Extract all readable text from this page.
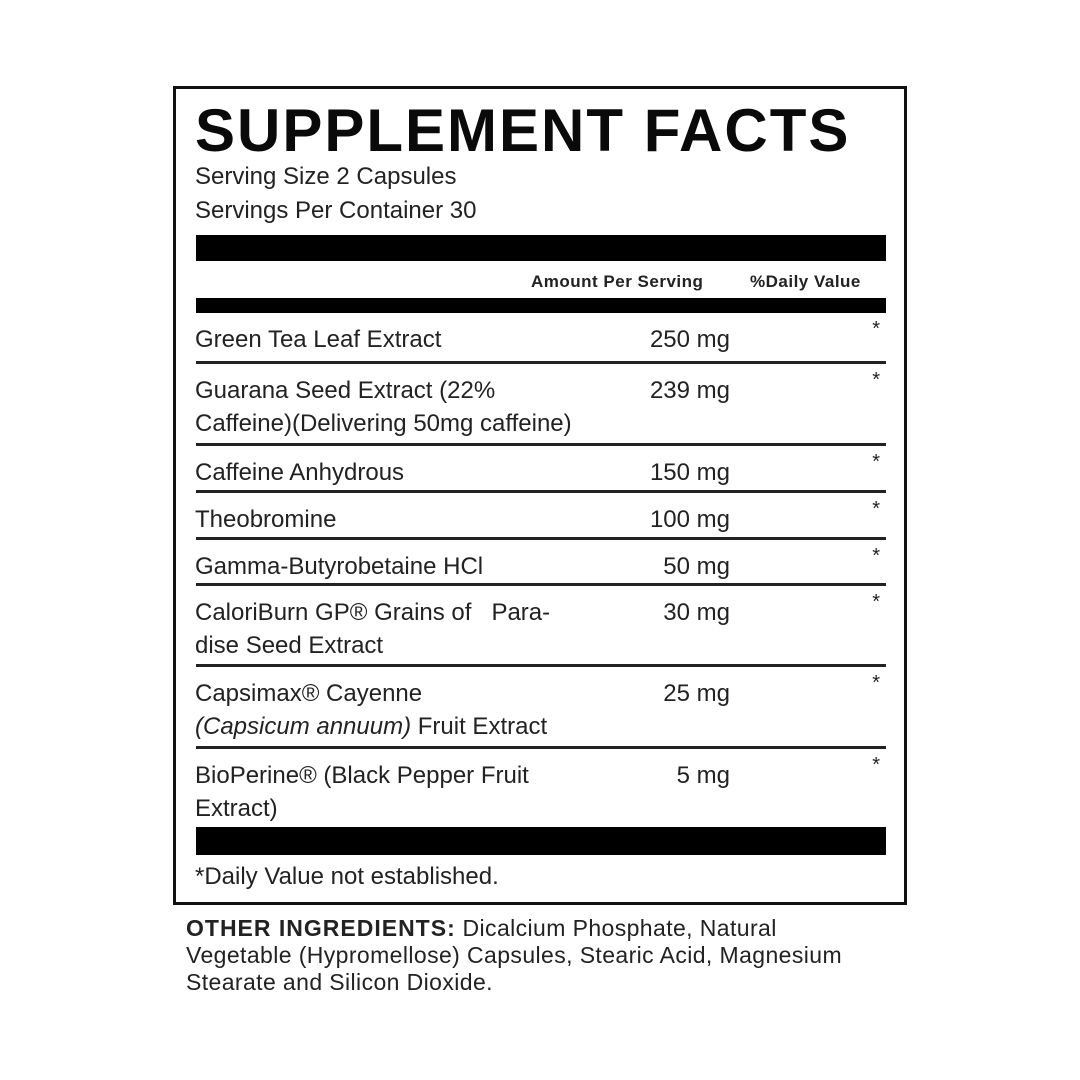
SUPPLEMENT FACTS
Serving Size 2 Capsules
Servings Per Container 30
Amount Per Serving	%Daily Value
Green Tea Leaf Extract	250 mg	*
Guarana Seed Extract (22%
Caffeine)(Delivering 50mg caffeine)
239 mg	*
Caffeine Anhydrous	150 mg	*
Theobromine	100 mg	*
Gamma-Butyrobetaine HCl	50 mg	*
CaloriBurn GP® Grains of   Para-
dise Seed Extract
30 mg	*
Capsimax® Cayenne
(Capsicum annuum) Fruit Extract
25 mg	*
BioPerine® (Black Pepper Fruit
Extract)
5 mg	*
*Daily Value not established.
OTHER INGREDIENTS: Dicalcium Phosphate, Natural Vegetable (Hypromellose) Capsules, Stearic Acid, Magnesium Stearate and Silicon Dioxide.
